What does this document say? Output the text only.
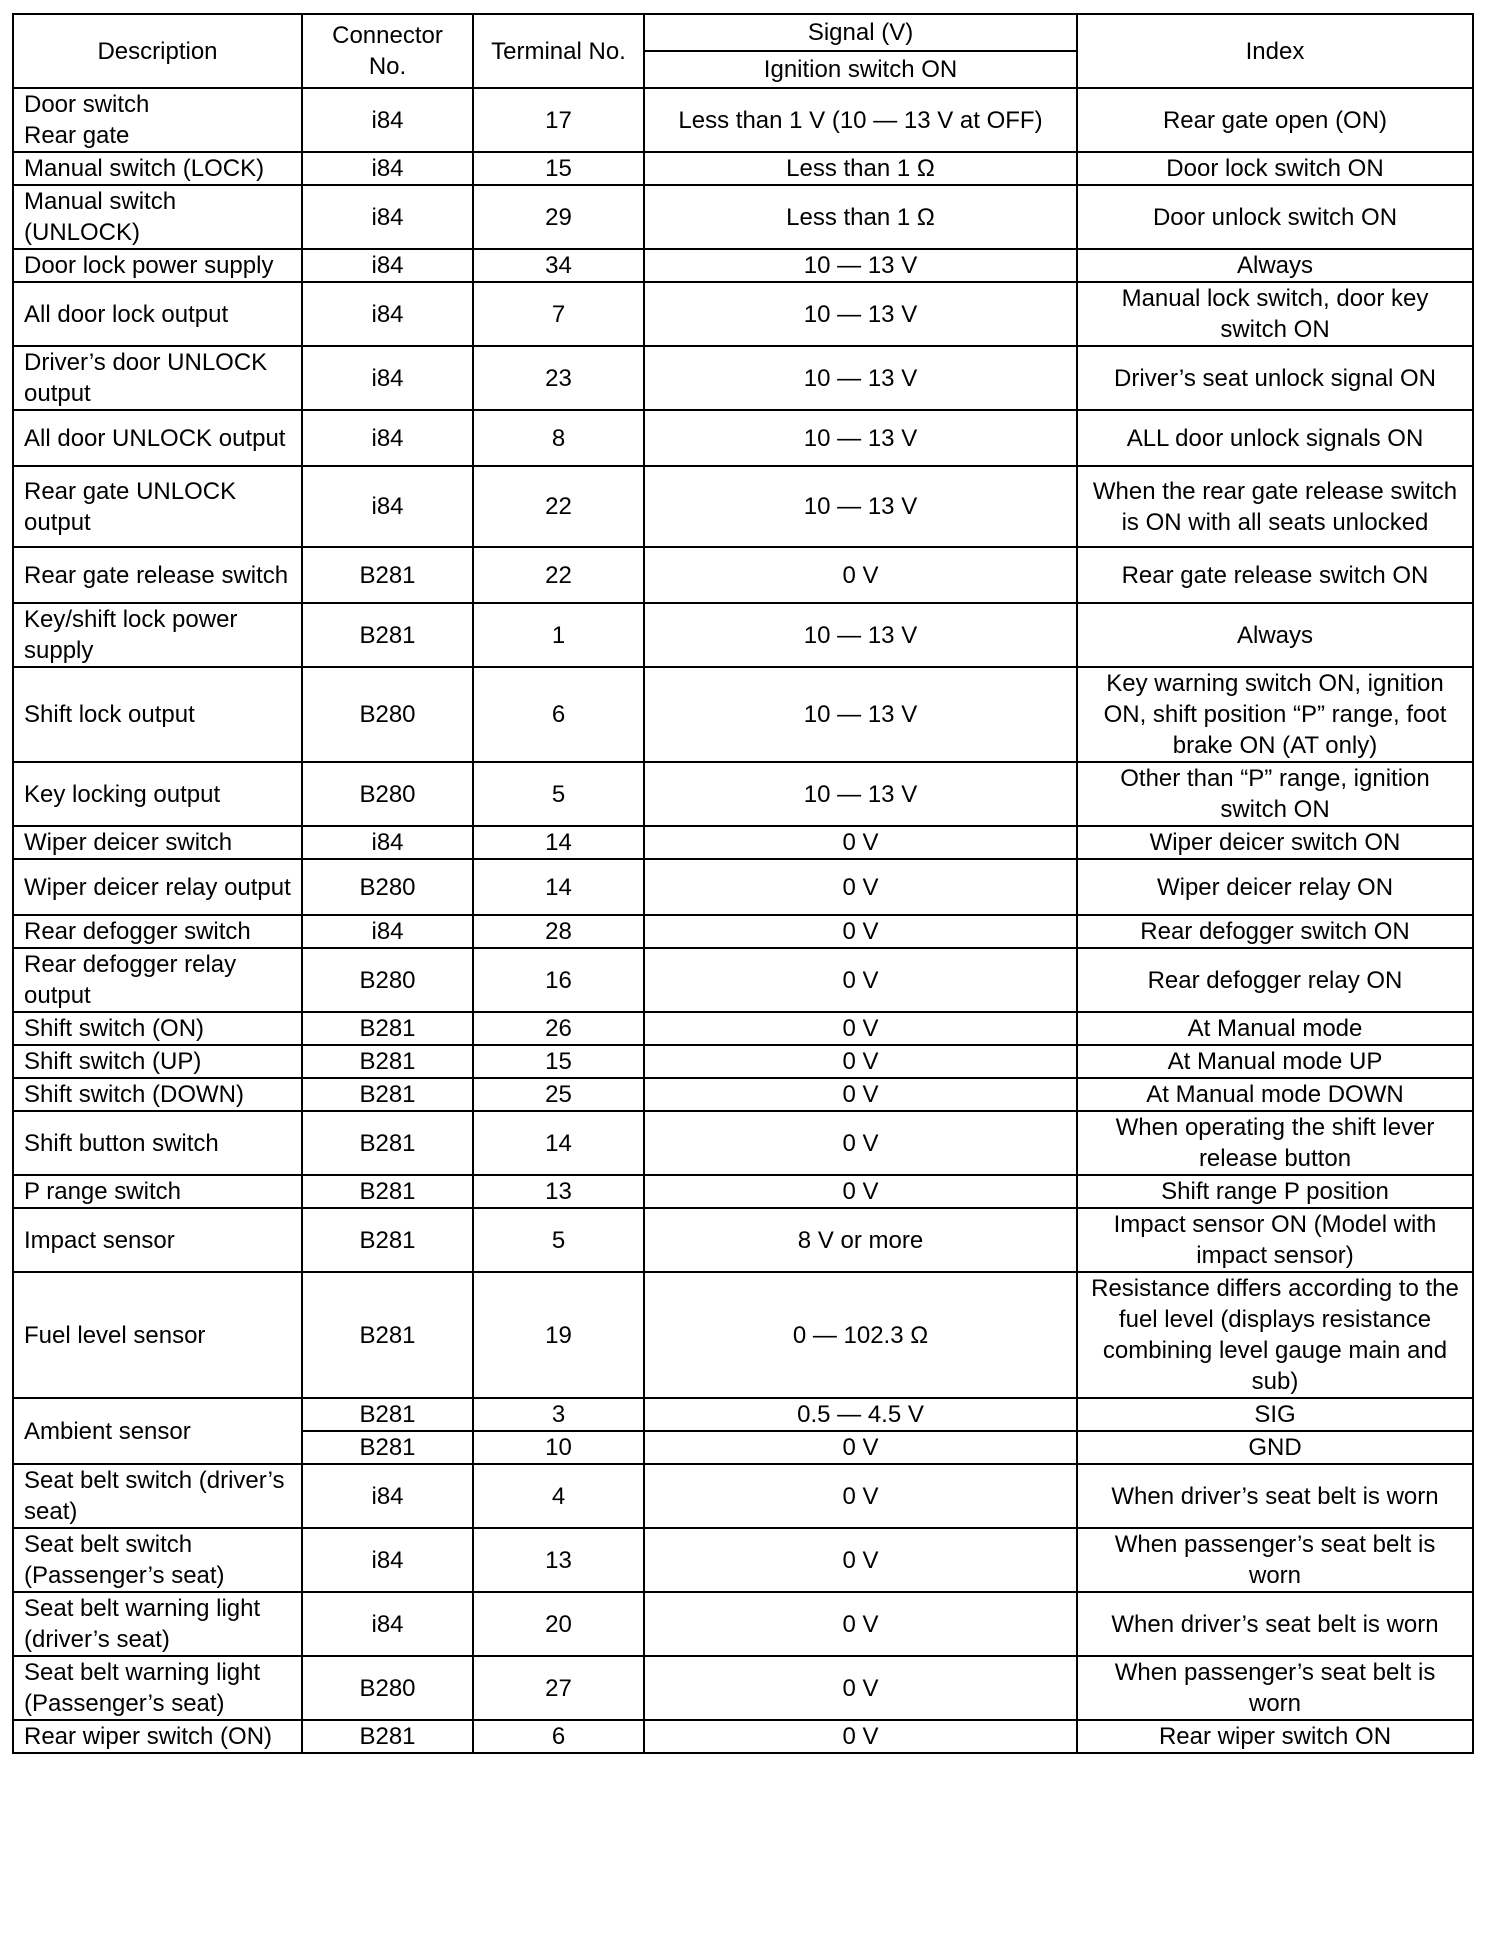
Description	Connector No.	Terminal No.	Signal (V)	Index
			Ignition switch ON	
Door switch
Rear gate	i84	17	Less than 1 V (10 — 13 V at OFF)	Rear gate open (ON)
Manual switch (LOCK)	i84	15	Less than 1 Ω	Door lock switch ON
Manual switch (UNLOCK)	i84	29	Less than 1 Ω	Door unlock switch ON
Door lock power supply	i84	34	10 — 13 V	Always
All door lock output	i84	7	10 — 13 V	Manual lock switch, door key switch ON
Driver’s door UNLOCK output	i84	23	10 — 13 V	Driver’s seat unlock signal ON
All door UNLOCK output	i84	8	10 — 13 V	ALL door unlock signals ON
Rear gate UNLOCK output	i84	22	10 — 13 V	When the rear gate release switch is ON with all seats unlocked
Rear gate release switch	B281	22	0 V	Rear gate release switch ON
Key/shift lock power supply	B281	1	10 — 13 V	Always
Shift lock output	B280	6	10 — 13 V	Key warning switch ON, ignition ON, shift position “P” range, foot brake ON (AT only)
Key locking output	B280	5	10 — 13 V	Other than “P” range, ignition switch ON
Wiper deicer switch	i84	14	0 V	Wiper deicer switch ON
Wiper deicer relay output	B280	14	0 V	Wiper deicer relay ON
Rear defogger switch	i84	28	0 V	Rear defogger switch ON
Rear defogger relay output	B280	16	0 V	Rear defogger relay ON
Shift switch (ON)	B281	26	0 V	At Manual mode
Shift switch (UP)	B281	15	0 V	At Manual mode UP
Shift switch (DOWN)	B281	25	0 V	At Manual mode DOWN
Shift button switch	B281	14	0 V	When operating the shift lever release button
P range switch	B281	13	0 V	Shift range P position
Impact sensor	B281	5	8 V or more	Impact sensor ON (Model with impact sensor)
Fuel level sensor	B281	19	0 — 102.3 Ω	Resistance differs according to the fuel level (displays resistance combining level gauge main and sub)
Ambient sensor	B281	3	0.5 — 4.5 V	SIG
	B281	10	0 V	GND
Seat belt switch (driver’s seat)	i84	4	0 V	When driver’s seat belt is worn
Seat belt switch (Passenger’s seat)	i84	13	0 V	When passenger’s seat belt is worn
Seat belt warning light (driver’s seat)	i84	20	0 V	When driver’s seat belt is worn
Seat belt warning light (Passenger’s seat)	B280	27	0 V	When passenger’s seat belt is worn
Rear wiper switch (ON)	B281	6	0 V	Rear wiper switch ON
